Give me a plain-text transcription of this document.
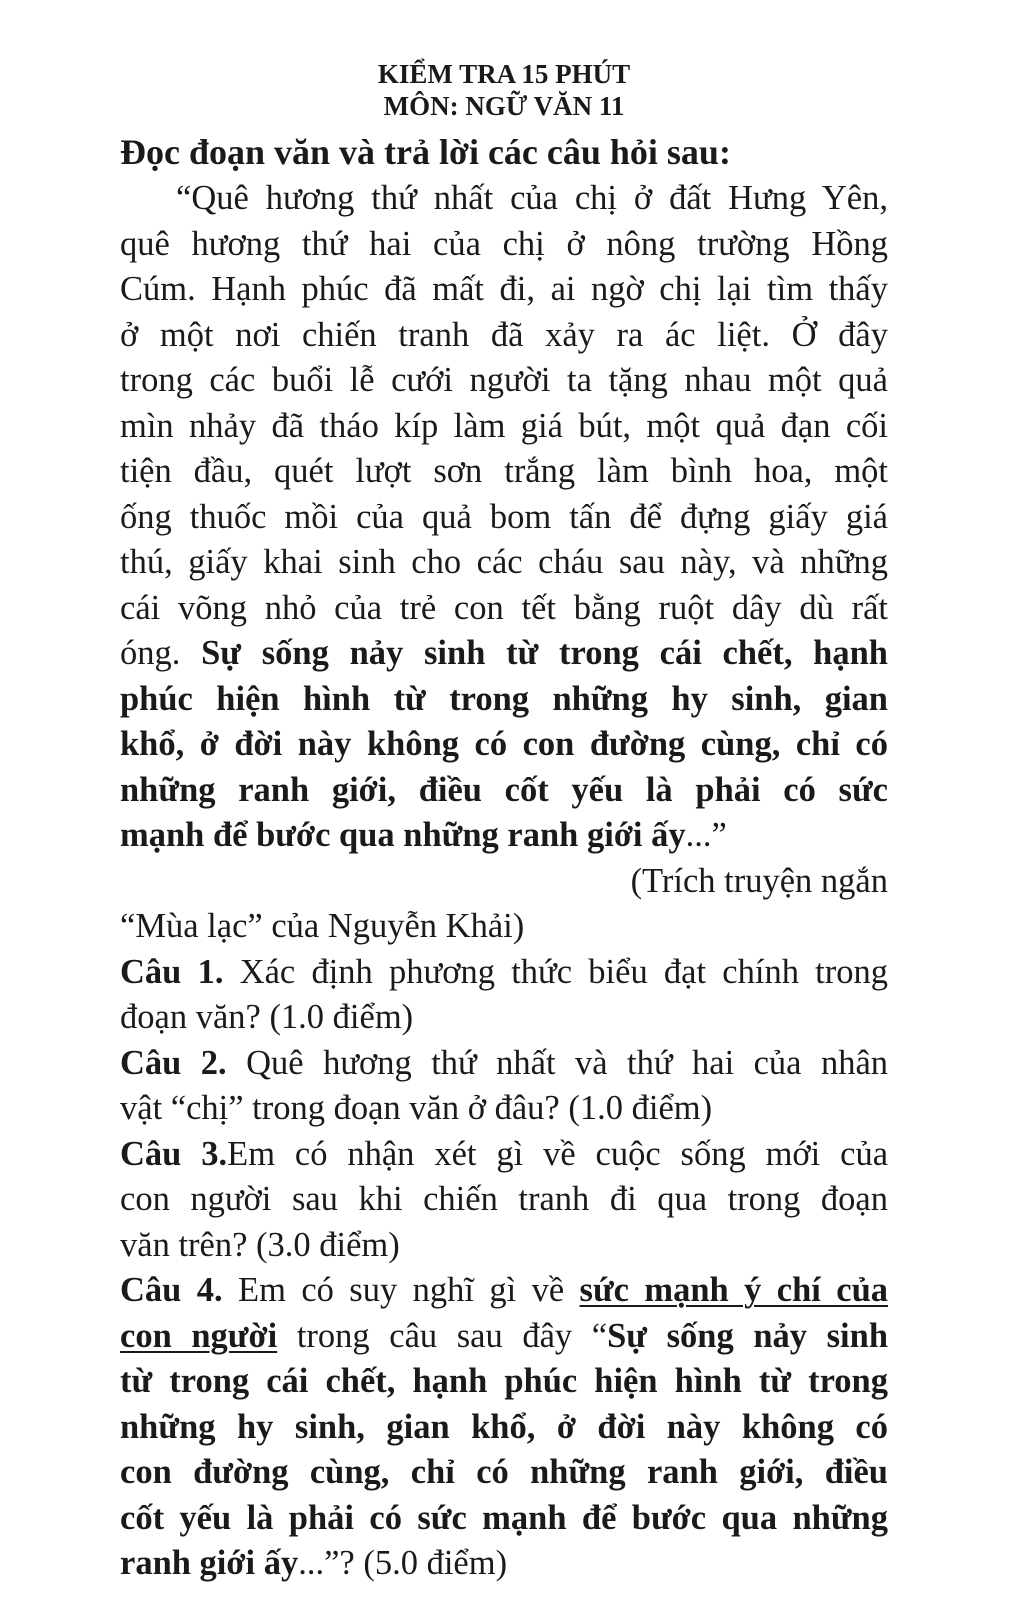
KIỂM TRA 15 PHÚT
MÔN: NGỮ VĂN 11
Đọc đoạn văn và trả lời các câu hỏi sau:
“Quê hương thứ nhất của chị ở đất Hưng Yên,
quê hương thứ hai của chị ở nông trường Hồng
Cúm. Hạnh phúc đã mất đi, ai ngờ chị lại tìm thấy
ở một nơi chiến tranh đã xảy ra ác liệt. Ở đây
trong các buổi lễ cưới người ta tặng nhau một quả
mìn nhảy đã tháo kíp làm giá bút, một quả đạn cối
tiện đầu, quét lượt sơn trắng làm bình hoa, một
ống thuốc mồi của quả bom tấn để đựng giấy giá
thú, giấy khai sinh cho các cháu sau này, và những
cái võng nhỏ của trẻ con tết bằng ruột dây dù rất
óng. Sự sống nảy sinh từ trong cái chết, hạnh
phúc hiện hình từ trong những hy sinh, gian
khổ, ở đời này không có con đường cùng, chỉ có
những ranh giới, điều cốt yếu là phải có sức
mạnh để bước qua những ranh giới ấy...”
(Trích truyện ngắn
“Mùa lạc” của Nguyễn Khải)
Câu 1. Xác định phương thức biểu đạt chính trong
đoạn văn? (1.0 điểm)
Câu 2. Quê hương thứ nhất và thứ hai của nhân
vật “chị” trong đoạn văn ở đâu? (1.0 điểm)
Câu 3.Em có nhận xét gì về cuộc sống mới của
con người sau khi chiến tranh đi qua trong đoạn
văn trên? (3.0 điểm)
Câu 4. Em có suy nghĩ gì về sức mạnh ý chí của
con người trong câu sau đây “Sự sống nảy sinh
từ trong cái chết, hạnh phúc hiện hình từ trong
những hy sinh, gian khổ, ở đời này không có
con đường cùng, chỉ có những ranh giới, điều
cốt yếu là phải có sức mạnh để bước qua những
ranh giới ấy...”? (5.0 điểm)
